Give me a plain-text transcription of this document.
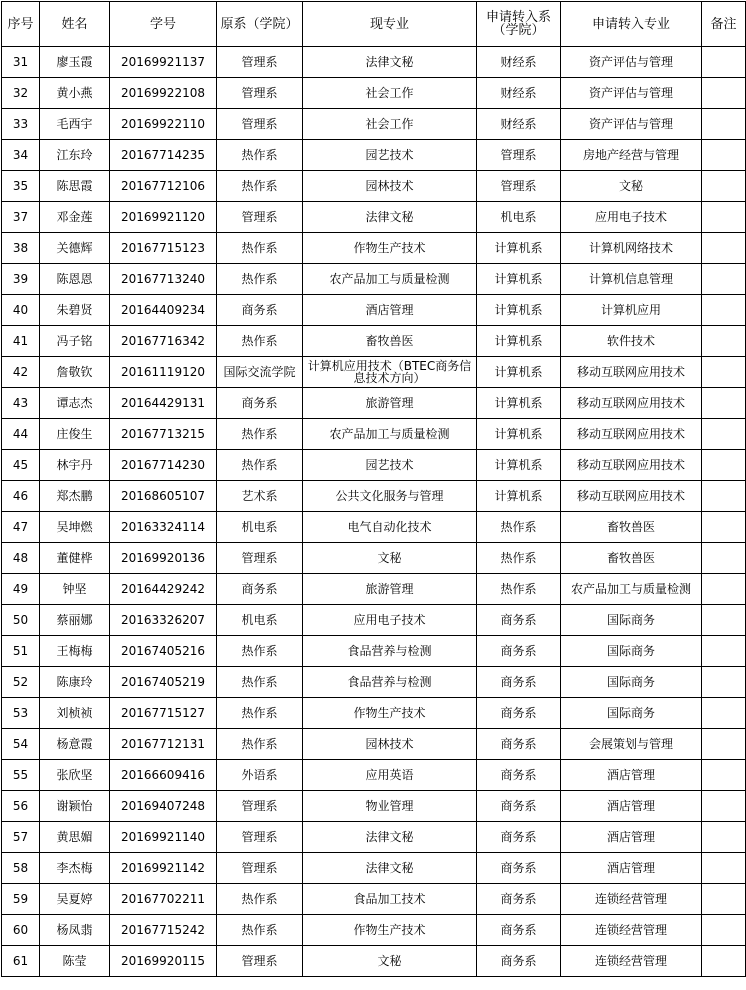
序号	姓名	学号	原系（学院）	现专业	申请转入系（学院）	申请转入专业	备注
31	廖玉霞	20169921137	管理系	法律文秘	财经系	资产评估与管理	
32	黄小燕	20169922108	管理系	社会工作	财经系	资产评估与管理	
33	毛西宇	20169922110	管理系	社会工作	财经系	资产评估与管理	
34	江东玲	20167714235	热作系	园艺技术	管理系	房地产经营与管理	
35	陈思霞	20167712106	热作系	园林技术	管理系	文秘	
37	邓金莲	20169921120	管理系	法律文秘	机电系	应用电子技术	
38	关德辉	20167715123	热作系	作物生产技术	计算机系	计算机网络技术	
39	陈恩恩	20167713240	热作系	农产品加工与质量检测	计算机系	计算机信息管理	
40	朱碧贤	20164409234	商务系	酒店管理	计算机系	计算机应用	
41	冯子铭	20167716342	热作系	畜牧兽医	计算机系	软件技术	
42	詹敬钦	20161119120	国际交流学院	计算机应用技术（BTEC商务信息技术方向）	计算机系	移动互联网应用技术	
43	谭志杰	20164429131	商务系	旅游管理	计算机系	移动互联网应用技术	
44	庄俊生	20167713215	热作系	农产品加工与质量检测	计算机系	移动互联网应用技术	
45	林宇丹	20167714230	热作系	园艺技术	计算机系	移动互联网应用技术	
46	郑杰鹏	20168605107	艺术系	公共文化服务与管理	计算机系	移动互联网应用技术	
47	吴坤燃	20163324114	机电系	电气自动化技术	热作系	畜牧兽医	
48	董健桦	20169920136	管理系	文秘	热作系	畜牧兽医	
49	钟坚	20164429242	商务系	旅游管理	热作系	农产品加工与质量检测	
50	蔡丽娜	20163326207	机电系	应用电子技术	商务系	国际商务	
51	王梅梅	20167405216	热作系	食品营养与检测	商务系	国际商务	
52	陈康玲	20167405219	热作系	食品营养与检测	商务系	国际商务	
53	刘桢祯	20167715127	热作系	作物生产技术	商务系	国际商务	
54	杨意霞	20167712131	热作系	园林技术	商务系	会展策划与管理	
55	张欣坚	20166609416	外语系	应用英语	商务系	酒店管理	
56	谢颖怡	20169407248	管理系	物业管理	商务系	酒店管理	
57	黄思媚	20169921140	管理系	法律文秘	商务系	酒店管理	
58	李杰梅	20169921142	管理系	法律文秘	商务系	酒店管理	
59	吴夏婷	20167702211	热作系	食品加工技术	商务系	连锁经营管理	
60	杨凤翡	20167715242	热作系	作物生产技术	商务系	连锁经营管理	
61	陈莹	20169920115	管理系	文秘	商务系	连锁经营管理	
